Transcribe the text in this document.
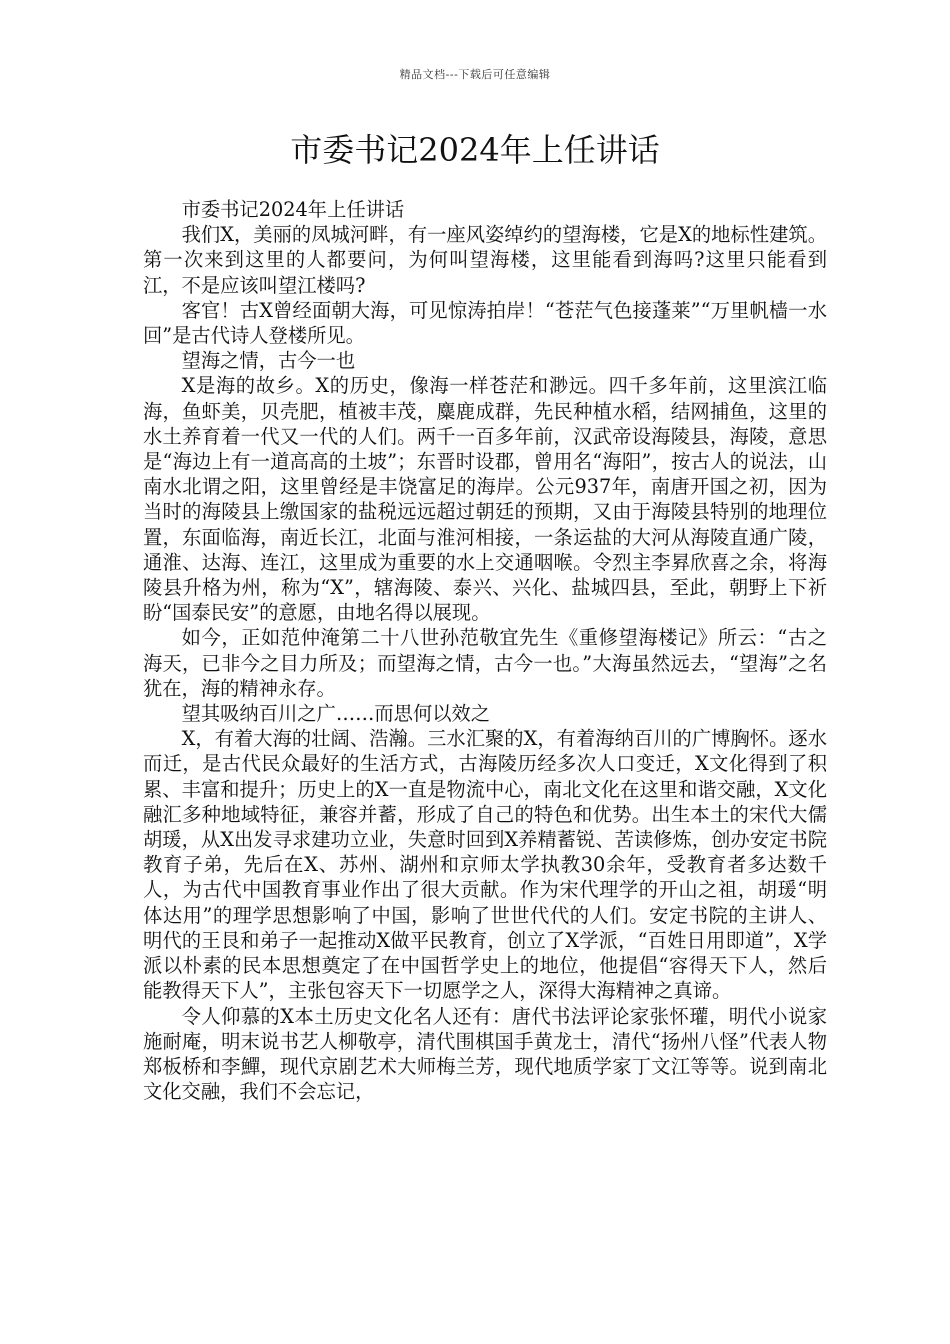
精品文档---下载后可任意编辑
市委书记2024年上任讲话

市委书记2024年上任讲话

我们X，美丽的凤城河畔，有一座风姿绰约的望海楼，它是X的地标性建筑。第一次来到这里的人都要问，为何叫望海楼，这里能看到海吗?这里只能看到江，不是应该叫望江楼吗?

客官！古X曾经面朝大海，可见惊涛拍岸！“苍茫气色接蓬莱”“万里帆樯一水回”是古代诗人登楼所见。

望海之情，古今一也

X是海的故乡。X的历史，像海一样苍茫和渺远。四千多年前，这里滨江临海，鱼虾美，贝壳肥，植被丰茂，麋鹿成群，先民种植水稻，结网捕鱼，这里的水土养育着一代又一代的人们。两千一百多年前，汉武帝设海陵县，海陵，意思是“海边上有一道高高的土坡”；东晋时设郡，曾用名“海阳”，按古人的说法，山南水北谓之阳，这里曾经是丰饶富足的海岸。公元937年，南唐开国之初，因为当时的海陵县上缴国家的盐税远远超过朝廷的预期，又由于海陵县特别的地理位置，东面临海，南近长江，北面与淮河相接，一条运盐的大河从海陵直通广陵，通淮、达海、连江，这里成为重要的水上交通咽喉。令烈主李昪欣喜之余，将海陵县升格为州，称为“X”，辖海陵、泰兴、兴化、盐城四县，至此，朝野上下祈盼“国泰民安”的意愿，由地名得以展现。

如今，正如范仲淹第二十八世孙范敬宜先生《重修望海楼记》所云：“古之海天，已非今之目力所及；而望海之情，古今一也。”大海虽然远去，“望海”之名犹在，海的精神永存。

望其吸纳百川之广……而思何以效之

X，有着大海的壮阔、浩瀚。三水汇聚的X，有着海纳百川的广博胸怀。逐水而迁，是古代民众最好的生活方式，古海陵历经多次人口变迁，X文化得到了积累、丰富和提升；历史上的X一直是物流中心，南北文化在这里和谐交融，X文化融汇多种地域特征，兼容并蓄，形成了自己的特色和优势。出生本土的宋代大儒胡瑗，从X出发寻求建功立业，失意时回到X养精蓄锐、苦读修炼，创办安定书院教育子弟，先后在X、苏州、湖州和京师太学执教30余年，受教育者多达数千人，为古代中国教育事业作出了很大贡献。作为宋代理学的开山之祖，胡瑗“明体达用”的理学思想影响了中国，影响了世世代代的人们。安定书院的主讲人、明代的王艮和弟子一起推动X做平民教育，创立了X学派，“百姓日用即道”，X学派以朴素的民本思想奠定了在中国哲学史上的地位，他提倡“容得天下人，然后能教得天下人”，主张包容天下一切愿学之人，深得大海精神之真谛。

令人仰慕的X本土历史文化名人还有：唐代书法评论家张怀瓘，明代小说家施耐庵，明末说书艺人柳敬亭，清代围棋国手黄龙士，清代“扬州八怪”代表人物郑板桥和李鱓，现代京剧艺术大师梅兰芳，现代地质学家丁文江等等。说到南北文化交融，我们不会忘记，
